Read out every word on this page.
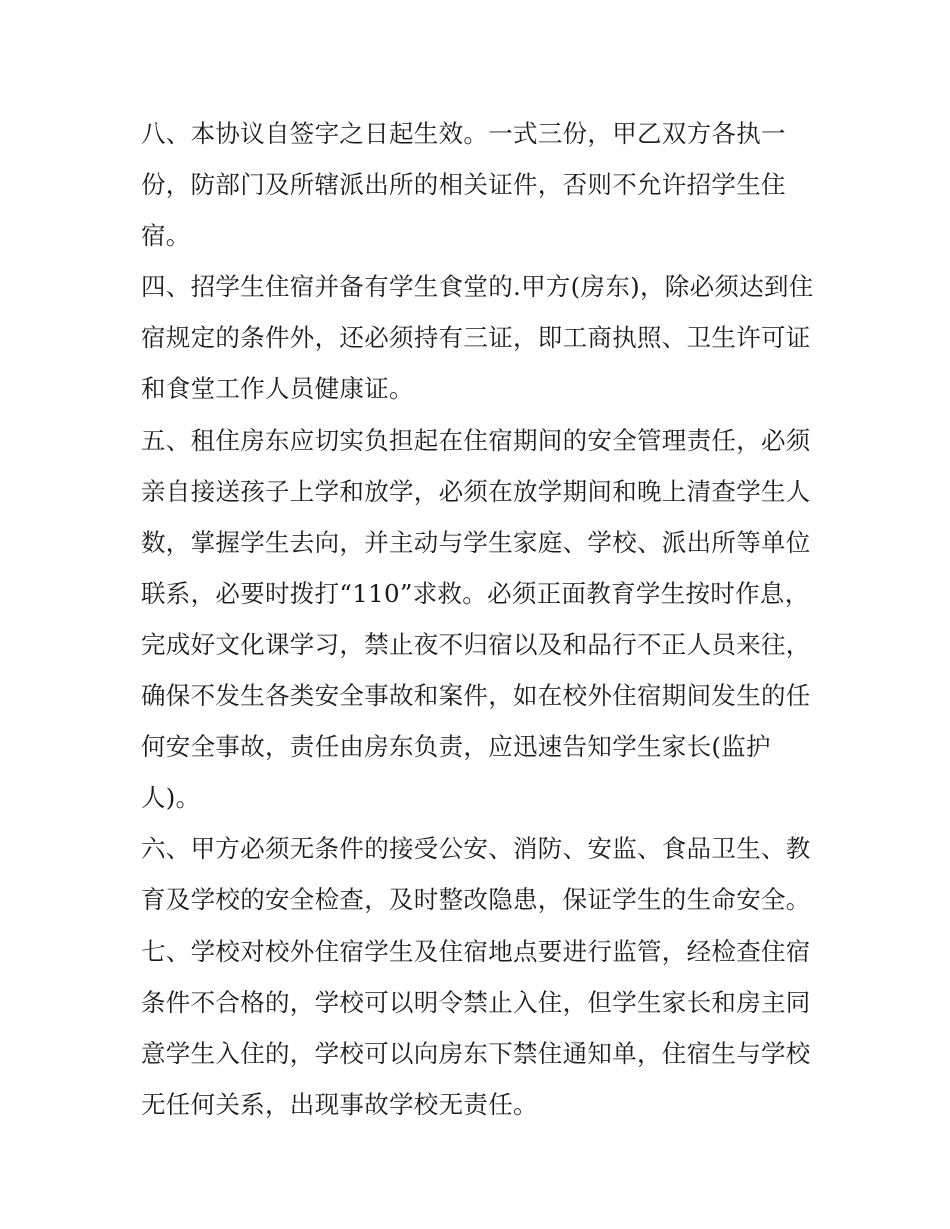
八、本协议自签字之日起生效。一式三份，甲乙双方各执一
份，防部门及所辖派出所的相关证件，否则不允许招学生住
宿。
四、招学生住宿并备有学生食堂的.甲方(房东)，除必须达到住
宿规定的条件外，还必须持有三证，即工商执照、卫生许可证
和食堂工作人员健康证。
五、租住房东应切实负担起在住宿期间的安全管理责任，必须
亲自接送孩子上学和放学，必须在放学期间和晚上清查学生人
数，掌握学生去向，并主动与学生家庭、学校、派出所等单位
联系，必要时拨打“110”求救。必须正面教育学生按时作息，
完成好文化课学习，禁止夜不归宿以及和品行不正人员来往，
确保不发生各类安全事故和案件，如在校外住宿期间发生的任
何安全事故，责任由房东负责，应迅速告知学生家长(监护
人)。
六、甲方必须无条件的接受公安、消防、安监、食品卫生、教
育及学校的安全检查，及时整改隐患，保证学生的生命安全。
七、学校对校外住宿学生及住宿地点要进行监管，经检查住宿
条件不合格的，学校可以明令禁止入住，但学生家长和房主同
意学生入住的，学校可以向房东下禁住通知单，住宿生与学校
无任何关系，出现事故学校无责任。
